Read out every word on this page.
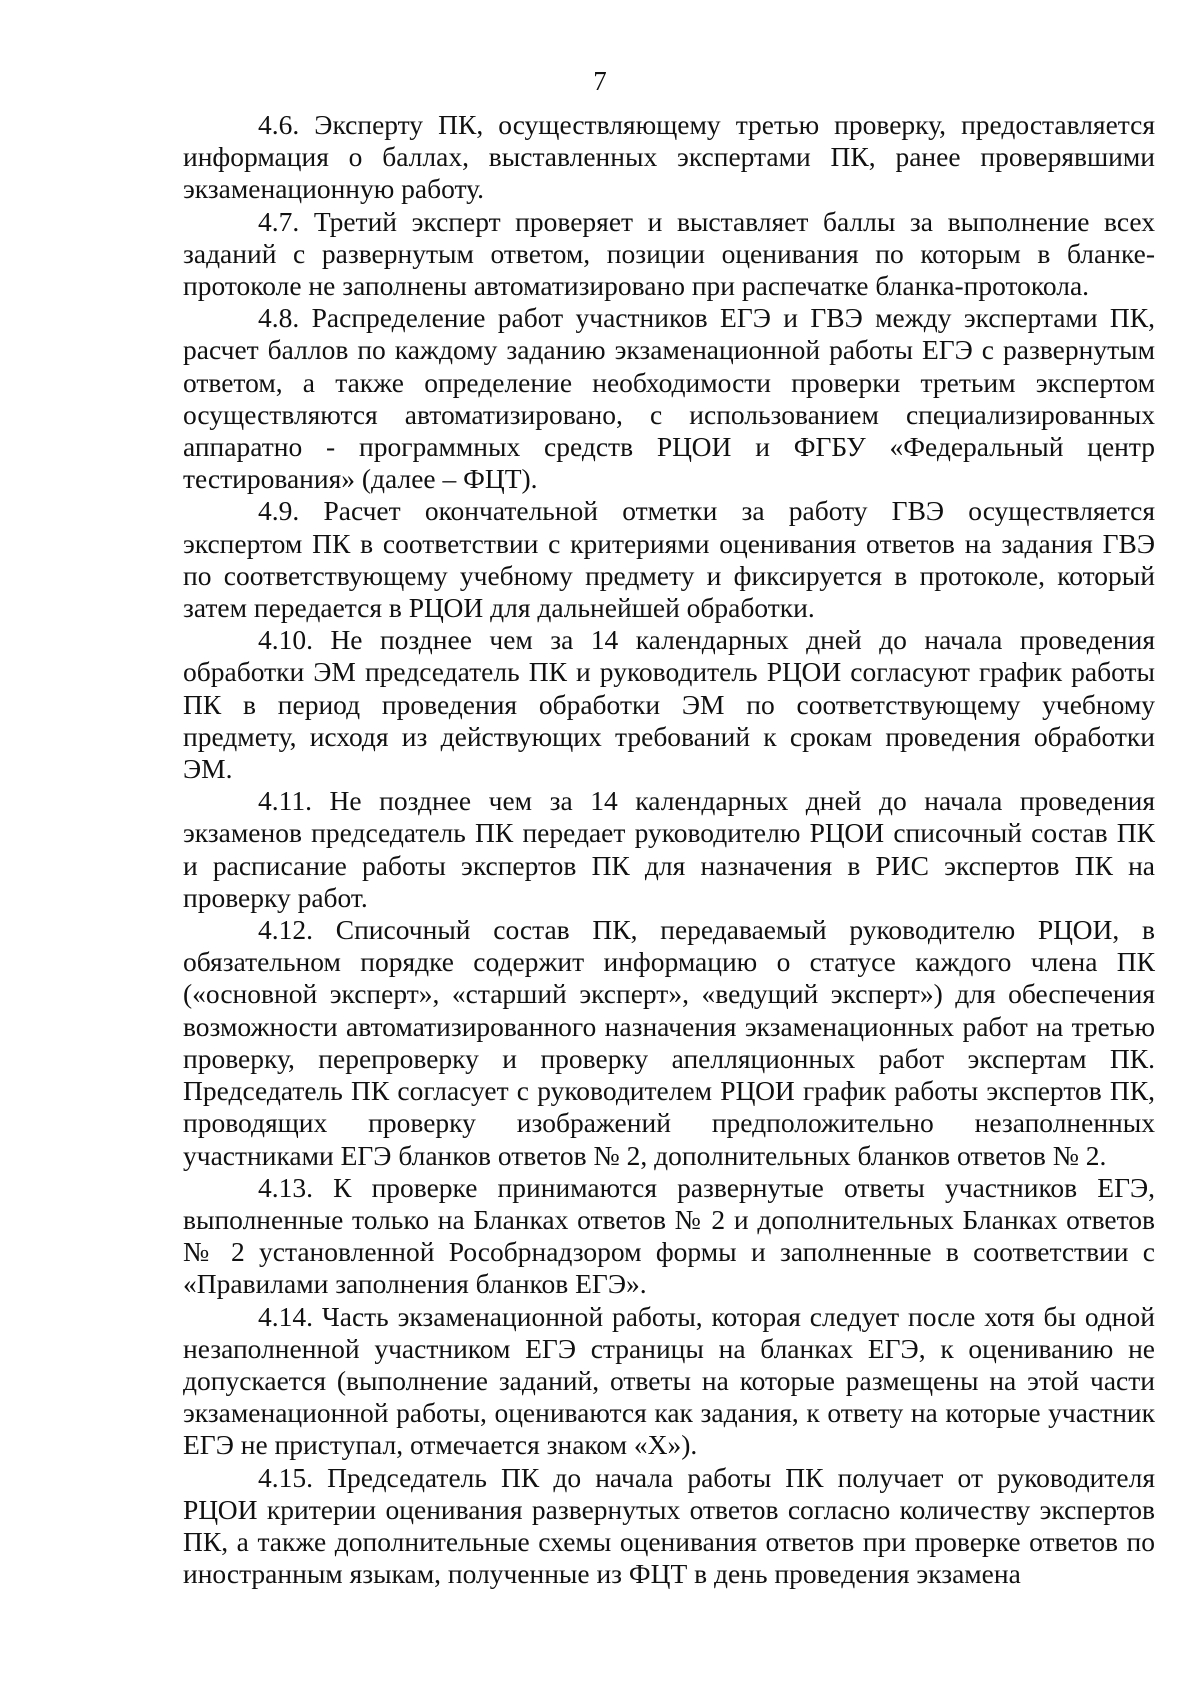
7

4.6. Эксперту ПК, осуществляющему третью проверку, предоставляется информация о баллах, выставленных экспертами ПК, ранее проверявшими экзаменационную работу.

4.7. Третий эксперт проверяет и выставляет баллы за выполнение всех заданий с развернутым ответом, позиции оценивания по которым в бланке-протоколе не заполнены автоматизировано при распечатке бланка-протокола.

4.8. Распределение работ участников ЕГЭ и ГВЭ между экспертами ПК, расчет баллов по каждому заданию экзаменационной работы ЕГЭ с развернутым ответом, а также определение необходимости проверки третьим экспертом осуществляются автоматизировано, с использованием специализированных аппаратно - программных средств РЦОИ и ФГБУ «Федеральный центр тестирования» (далее – ФЦТ).

4.9. Расчет окончательной отметки за работу ГВЭ осуществляется экспертом ПК в соответствии с критериями оценивания ответов на задания ГВЭ по соответствующему учебному предмету и фиксируется в протоколе, который затем передается в РЦОИ для дальнейшей обработки.

4.10. Не позднее чем за 14 календарных дней до начала проведения обработки ЭМ председатель ПК и руководитель РЦОИ согласуют график работы ПК в период проведения обработки ЭМ по соответствующему учебному предмету, исходя из действующих требований к срокам проведения обработки ЭМ.

4.11. Не позднее чем за 14 календарных дней до начала проведения экзаменов председатель ПК передает руководителю РЦОИ списочный состав ПК и расписание работы экспертов ПК для назначения в РИС экспертов ПК на проверку работ.

4.12. Списочный состав ПК, передаваемый руководителю РЦОИ, в обязательном порядке содержит информацию о статусе каждого члена ПК («основной эксперт», «старший эксперт», «ведущий эксперт») для обеспечения возможности автоматизированного назначения экзаменационных работ на третью проверку, перепроверку и проверку апелляционных работ экспертам ПК. Председатель ПК согласует с руководителем РЦОИ график работы экспертов ПК, проводящих проверку изображений предположительно незаполненных участниками ЕГЭ бланков ответов № 2, дополнительных бланков ответов № 2.

4.13. К проверке принимаются развернутые ответы участников ЕГЭ, выполненные только на Бланках ответов № 2 и дополнительных Бланках ответов № 2 установленной Рособрнадзором формы и заполненные в соответствии с «Правилами заполнения бланков ЕГЭ».

4.14. Часть экзаменационной работы, которая следует после хотя бы одной незаполненной участником ЕГЭ страницы на бланках ЕГЭ, к оцениванию не допускается (выполнение заданий, ответы на которые размещены на этой части экзаменационной работы, оцениваются как задания, к ответу на которые участник ЕГЭ не приступал, отмечается знаком «Х»).

4.15. Председатель ПК до начала работы ПК получает от руководителя РЦОИ критерии оценивания развернутых ответов согласно количеству экспертов ПК, а также дополнительные схемы оценивания ответов при проверке ответов по иностранным языкам, полученные из ФЦТ в день проведения экзамена
